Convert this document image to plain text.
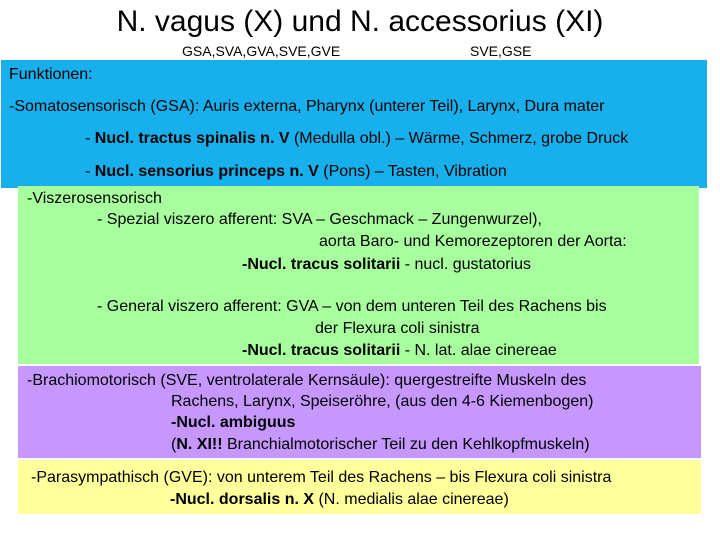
N. vagus (X) und N. accessorius (XI)
GSA,SVA,GVA,SVE,GVE	SVE,GSE
Funktionen:
-Somatosensorisch (GSA): Auris externa, Pharynx (unterer Teil), Larynx, Dura mater
- Nucl. tractus spinalis n. V (Medulla obl.) – Wärme, Schmerz, grobe Druck
- Nucl. sensorius princeps n. V (Pons) – Tasten, Vibration
-Viszerosensorisch
- Spezial viszero afferent: SVA – Geschmack – Zungenwurzel),
aorta Baro- und Kemorezeptoren der Aorta:
-Nucl. tracus solitarii - nucl. gustatorius
- General viszero afferent: GVA – von dem unteren Teil des Rachens bis
der Flexura coli sinistra
-Nucl. tracus solitarii - N. lat. alae cinereae
-Brachiomotorisch (SVE, ventrolaterale Kernsäule): quergestreifte Muskeln des
Rachens, Larynx, Speiseröhre, (aus den 4-6 Kiemenbogen)
-Nucl. ambiguus
(N. XI!! Branchialmotorischer Teil zu den Kehlkopfmuskeln)
-Parasympathisch (GVE): von unterem Teil des Rachens – bis Flexura coli sinistra
-Nucl. dorsalis n. X (N. medialis alae cinereae)
